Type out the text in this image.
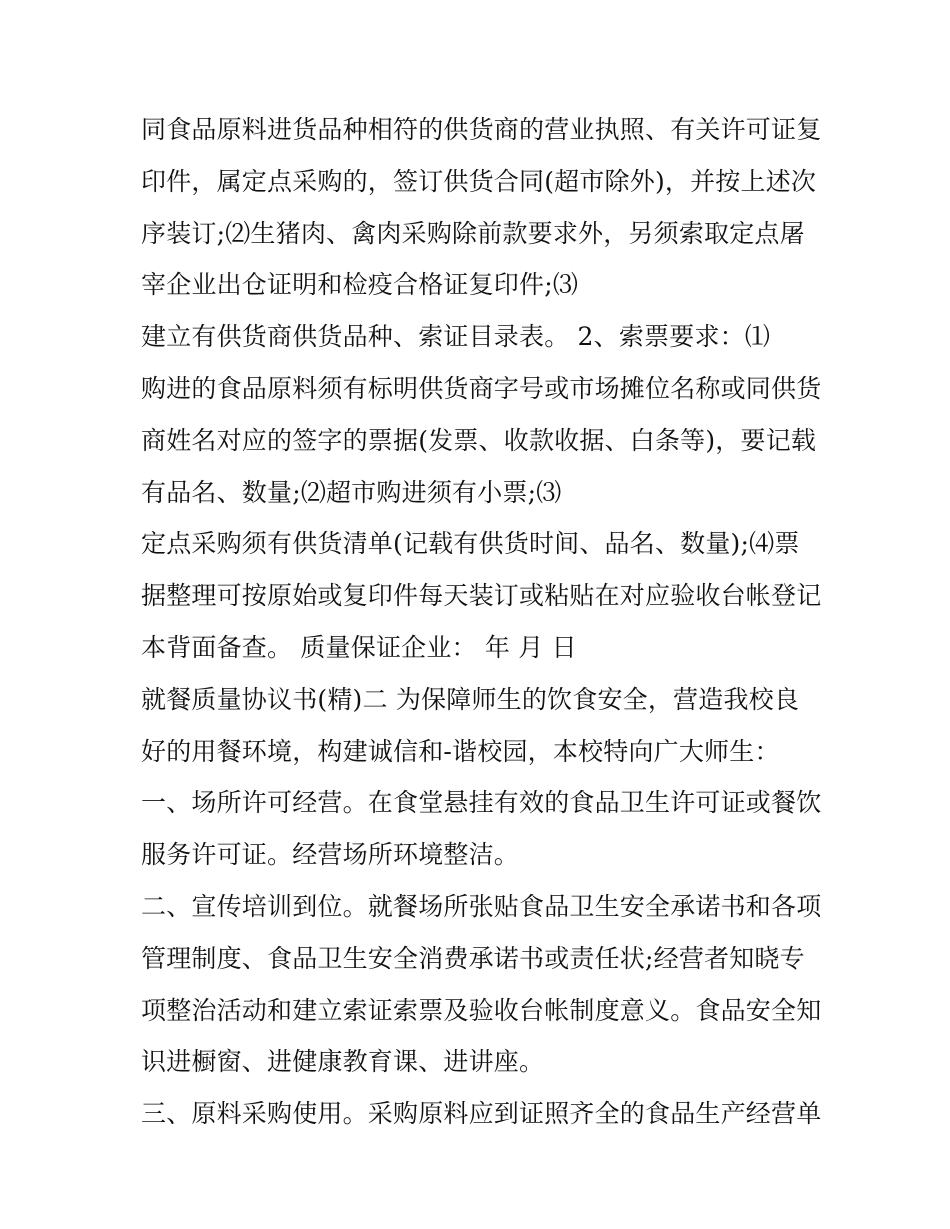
同食品原料进货品种相符的供货商的营业执照、有关许可证复
印件，属定点采购的，签订供货合同(超市除外)，并按上述次
序装订;⑵生猪肉、禽肉采购除前款要求外，另须索取定点屠
宰企业出仓证明和检疫合格证复印件;⑶
建立有供货商供货品种、索证目录表。 2、索票要求：⑴
购进的食品原料须有标明供货商字号或市场摊位名称或同供货
商姓名对应的签字的票据(发票、收款收据、白条等)，要记载
有品名、数量;⑵超市购进须有小票;⑶
定点采购须有供货清单(记载有供货时间、品名、数量);⑷票
据整理可按原始或复印件每天装订或粘贴在对应验收台帐登记
本背面备查。 质量保证企业： 年 月 日
就餐质量协议书(精)二 为保障师生的饮食安全，营造我校良
好的用餐环境，构建诚信和-谐校园，本校特向广大师生：
一、场所许可经营。在食堂悬挂有效的食品卫生许可证或餐饮
服务许可证。经营场所环境整洁。
二、宣传培训到位。就餐场所张贴食品卫生安全承诺书和各项
管理制度、食品卫生安全消费承诺书或责任状;经营者知晓专
项整治活动和建立索证索票及验收台帐制度意义。食品安全知
识进橱窗、进健康教育课、进讲座。
三、原料采购使用。采购原料应到证照齐全的食品生产经营单
